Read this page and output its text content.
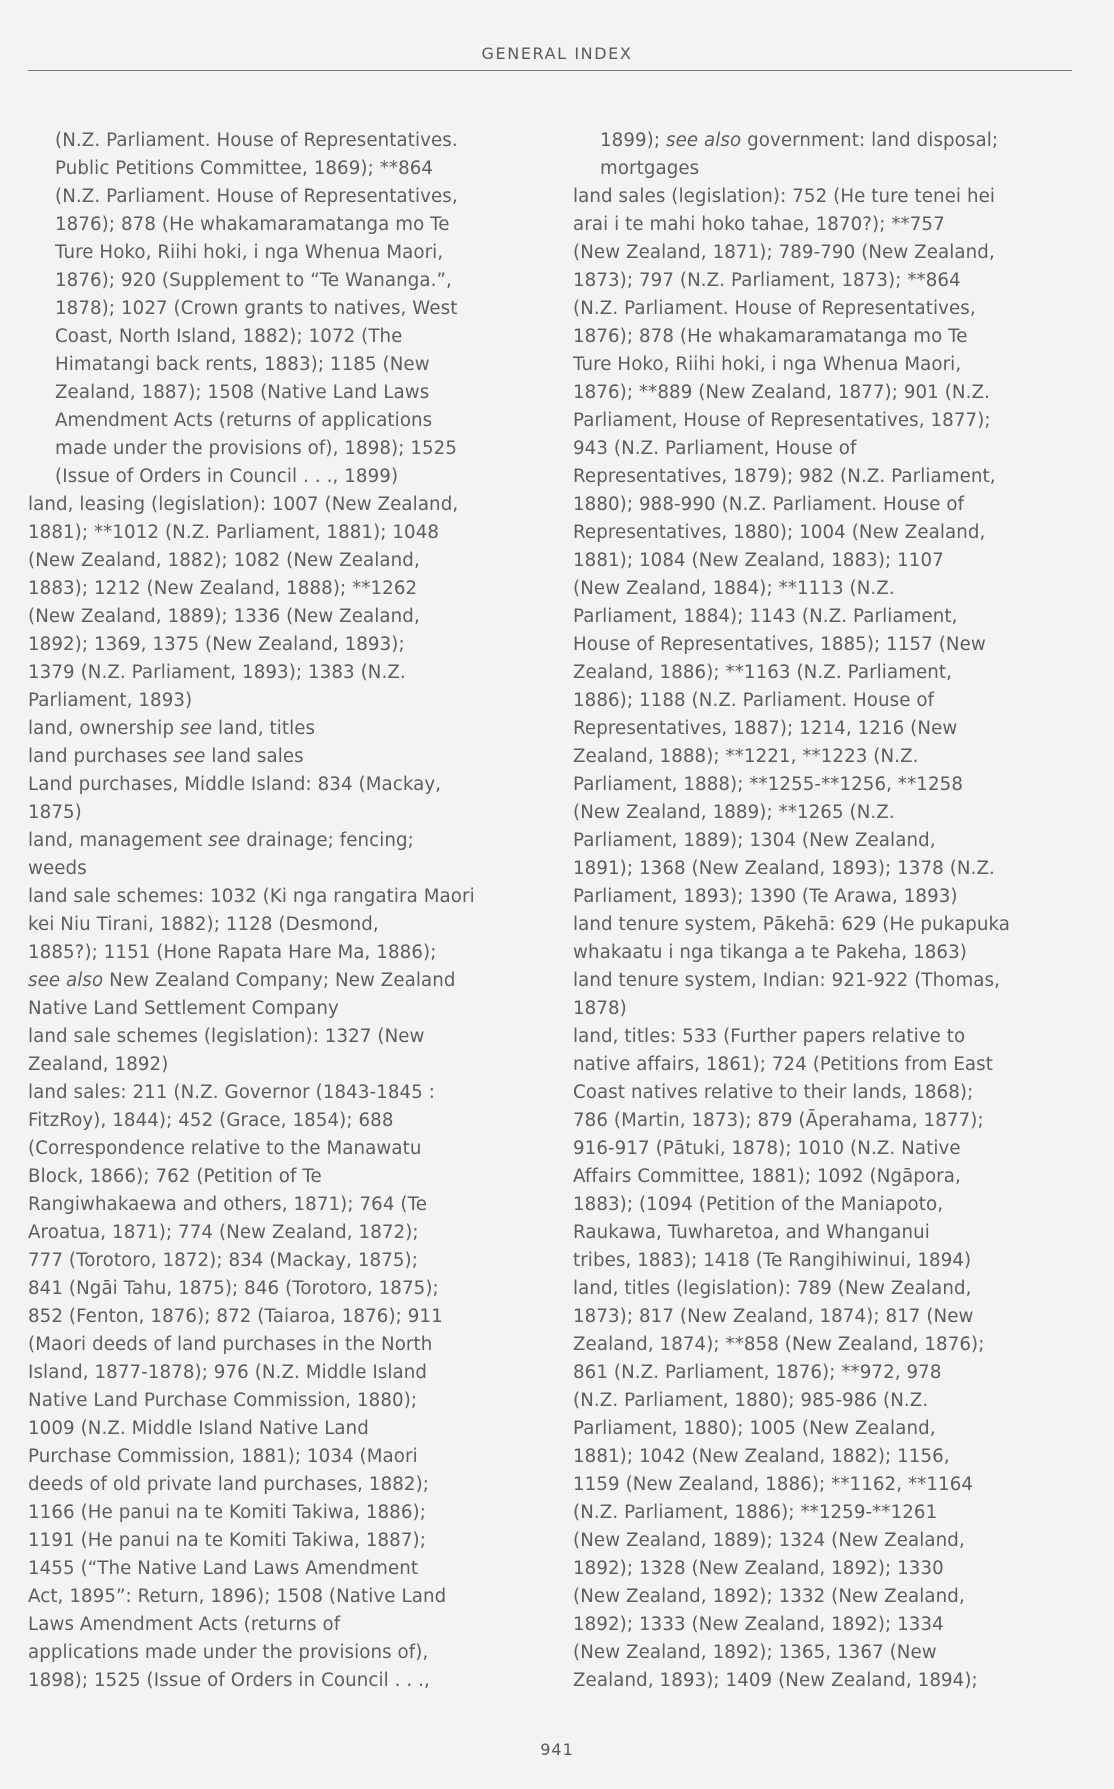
GENERAL INDEX
(N.Z. Parliament. House of Representatives.
Public Petitions Committee, 1869); **864
(N.Z. Parliament. House of Representatives,
1876); 878 (He whakamaramatanga mo Te
Ture Hoko, Riihi hoki, i nga Whenua Maori,
1876); 920 (Supplement to “Te Wananga.”,
1878); 1027 (Crown grants to natives, West
Coast, North Island, 1882); 1072 (The
Himatangi back rents, 1883); 1185 (New
Zealand, 1887); 1508 (Native Land Laws
Amendment Acts (returns of applications
made under the provisions of), 1898); 1525
(Issue of Orders in Council . . ., 1899)
land, leasing (legislation): 1007 (New Zealand,
1881); **1012 (N.Z. Parliament, 1881); 1048
(New Zealand, 1882); 1082 (New Zealand,
1883); 1212 (New Zealand, 1888); **1262
(New Zealand, 1889); 1336 (New Zealand,
1892); 1369, 1375 (New Zealand, 1893);
1379 (N.Z. Parliament, 1893); 1383 (N.Z.
Parliament, 1893)
land, ownership see land, titles
land purchases see land sales
Land purchases, Middle Island: 834 (Mackay,
1875)
land, management see drainage; fencing;
weeds
land sale schemes: 1032 (Ki nga rangatira Maori
kei Niu Tirani, 1882); 1128 (Desmond,
1885?); 1151 (Hone Rapata Hare Ma, 1886);
see also New Zealand Company; New Zealand
Native Land Settlement Company
land sale schemes (legislation): 1327 (New
Zealand, 1892)
land sales: 211 (N.Z. Governor (1843-1845 :
FitzRoy), 1844); 452 (Grace, 1854); 688
(Correspondence relative to the Manawatu
Block, 1866); 762 (Petition of Te
Rangiwhakaewa and others, 1871); 764 (Te
Aroatua, 1871); 774 (New Zealand, 1872);
777 (Torotoro, 1872); 834 (Mackay, 1875);
841 (Ngāi Tahu, 1875); 846 (Torotoro, 1875);
852 (Fenton, 1876); 872 (Taiaroa, 1876); 911
(Maori deeds of land purchases in the North
Island, 1877-1878); 976 (N.Z. Middle Island
Native Land Purchase Commission, 1880);
1009 (N.Z. Middle Island Native Land
Purchase Commission, 1881); 1034 (Maori
deeds of old private land purchases, 1882);
1166 (He panui na te Komiti Takiwa, 1886);
1191 (He panui na te Komiti Takiwa, 1887);
1455 (“The Native Land Laws Amendment
Act, 1895”: Return, 1896); 1508 (Native Land
Laws Amendment Acts (returns of
applications made under the provisions of),
1898); 1525 (Issue of Orders in Council . . .,
1899); see also government: land disposal;
mortgages
land sales (legislation): 752 (He ture tenei hei
arai i te mahi hoko tahae, 1870?); **757
(New Zealand, 1871); 789-790 (New Zealand,
1873); 797 (N.Z. Parliament, 1873); **864
(N.Z. Parliament. House of Representatives,
1876); 878 (He whakamaramatanga mo Te
Ture Hoko, Riihi hoki, i nga Whenua Maori,
1876); **889 (New Zealand, 1877); 901 (N.Z.
Parliament, House of Representatives, 1877);
943 (N.Z. Parliament, House of
Representatives, 1879); 982 (N.Z. Parliament,
1880); 988-990 (N.Z. Parliament. House of
Representatives, 1880); 1004 (New Zealand,
1881); 1084 (New Zealand, 1883); 1107
(New Zealand, 1884); **1113 (N.Z.
Parliament, 1884); 1143 (N.Z. Parliament,
House of Representatives, 1885); 1157 (New
Zealand, 1886); **1163 (N.Z. Parliament,
1886); 1188 (N.Z. Parliament. House of
Representatives, 1887); 1214, 1216 (New
Zealand, 1888); **1221, **1223 (N.Z.
Parliament, 1888); **1255-**1256, **1258
(New Zealand, 1889); **1265 (N.Z.
Parliament, 1889); 1304 (New Zealand,
1891); 1368 (New Zealand, 1893); 1378 (N.Z.
Parliament, 1893); 1390 (Te Arawa, 1893)
land tenure system, Pākehā: 629 (He pukapuka
whakaatu i nga tikanga a te Pakeha, 1863)
land tenure system, Indian: 921-922 (Thomas,
1878)
land, titles: 533 (Further papers relative to
native affairs, 1861); 724 (Petitions from East
Coast natives relative to their lands, 1868);
786 (Martin, 1873); 879 (Āperahama, 1877);
916-917 (Pātuki, 1878); 1010 (N.Z. Native
Affairs Committee, 1881); 1092 (Ngāpora,
1883); (1094 (Petition of the Maniapoto,
Raukawa, Tuwharetoa, and Whanganui
tribes, 1883); 1418 (Te Rangihiwinui, 1894)
land, titles (legislation): 789 (New Zealand,
1873); 817 (New Zealand, 1874); 817 (New
Zealand, 1874); **858 (New Zealand, 1876);
861 (N.Z. Parliament, 1876); **972, 978
(N.Z. Parliament, 1880); 985-986 (N.Z.
Parliament, 1880); 1005 (New Zealand,
1881); 1042 (New Zealand, 1882); 1156,
1159 (New Zealand, 1886); **1162, **1164
(N.Z. Parliament, 1886); **1259-**1261
(New Zealand, 1889); 1324 (New Zealand,
1892); 1328 (New Zealand, 1892); 1330
(New Zealand, 1892); 1332 (New Zealand,
1892); 1333 (New Zealand, 1892); 1334
(New Zealand, 1892); 1365, 1367 (New
Zealand, 1893); 1409 (New Zealand, 1894);
941
